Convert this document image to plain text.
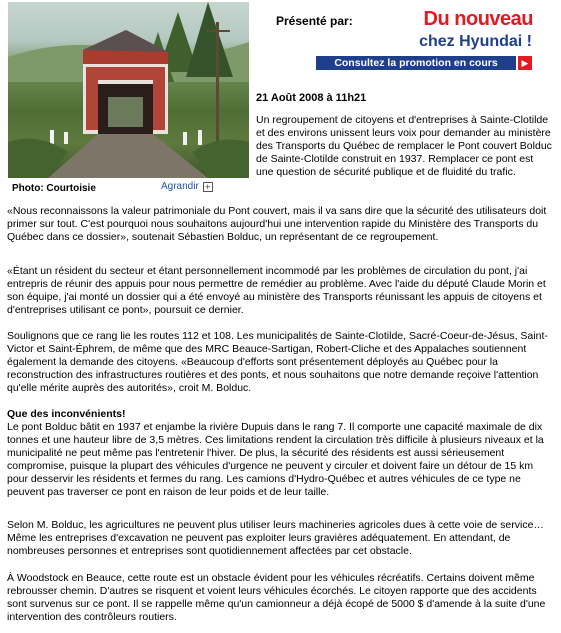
Photo: Courtoisie	Agrandir +
Présenté par:	Du nouveau
chez Hyundai !
Consultez la promotion en cours	▶
21 Août 2008 à 11h21

Un regroupement de citoyens et d'entreprises à Sainte-Clotilde et des environs unissent leurs voix pour demander au ministère des Transports du Québec de remplacer le Pont couvert Bolduc de Sainte-Clotilde construit en 1937. Remplacer ce pont est une question de sécurité publique et de fluidité du trafic.

«Nous reconnaissons la valeur patrimoniale du Pont couvert, mais il va sans dire que la sécurité des utilisateurs doit primer sur tout. C'est pourquoi nous souhaitons aujourd'hui une intervention rapide du Ministère des Transports du Québec dans ce dossier», soutenait Sébastien Bolduc, un représentant de ce regroupement.

«Étant un résident du secteur et étant personnellement incommodé par les problèmes de circulation du pont, j'ai entrepris de réunir des appuis pour nous permettre de remédier au problème. Avec l'aide du député Claude Morin et son équipe, j'ai monté un dossier qui a été envoyé au ministère des Transports réunissant les appuis de citoyens et d'entreprises utilisant ce pont», poursuit ce dernier.

Soulignons que ce rang lie les routes 112 et 108. Les municipalités de Sainte-Clotilde, Sacré-Coeur-de-Jésus, Saint-Victor et Saint-Éphrem, de même que des MRC Beauce-Sartigan, Robert-Cliche et des Appalaches soutiennent également la demande des citoyens. «Beaucoup d'efforts sont présentement déployés au Québec pour la reconstruction des infrastructures routières et des ponts, et nous souhaitons que notre demande reçoive l'attention qu'elle mérite auprès des autorités», croit M. Bolduc.

Que des inconvénients!

Le pont Bolduc bâtit en 1937 et enjambe la rivière Dupuis dans le rang 7. Il comporte une capacité maximale de dix tonnes et une hauteur libre de 3,5 mètres. Ces limitations rendent la circulation très difficile à plusieurs niveaux et la municipalité ne peut même pas l'entretenir l'hiver. De plus, la sécurité des résidents est aussi sérieusement compromise, puisque la plupart des véhicules d'urgence ne peuvent y circuler et doivent faire un détour de 15 km pour desservir les résidents et fermes du rang. Les camions d'Hydro-Québec et autres véhicules de ce type ne peuvent pas traverser ce pont en raison de leur poids et de leur taille.

Selon M. Bolduc, les agricultures ne peuvent plus utiliser leurs machineries agricoles dues à cette voie de service… Même les entreprises d'excavation ne peuvent pas exploiter leurs gravières adéquatement. En attendant, de nombreuses personnes et entreprises sont quotidiennement affectées par cet obstacle.

À Woodstock en Beauce, cette route est un obstacle évident pour les véhicules récréatifs. Certains doivent même rebrousser chemin. D'autres se risquent et voient leurs véhicules écorchés. Le citoyen rapporte que des accidents sont survenus sur ce pont. Il se rappelle même qu'un camionneur a déjà écopé de 5000 $ d'amende à la suite d'une intervention des contrôleurs routiers.
